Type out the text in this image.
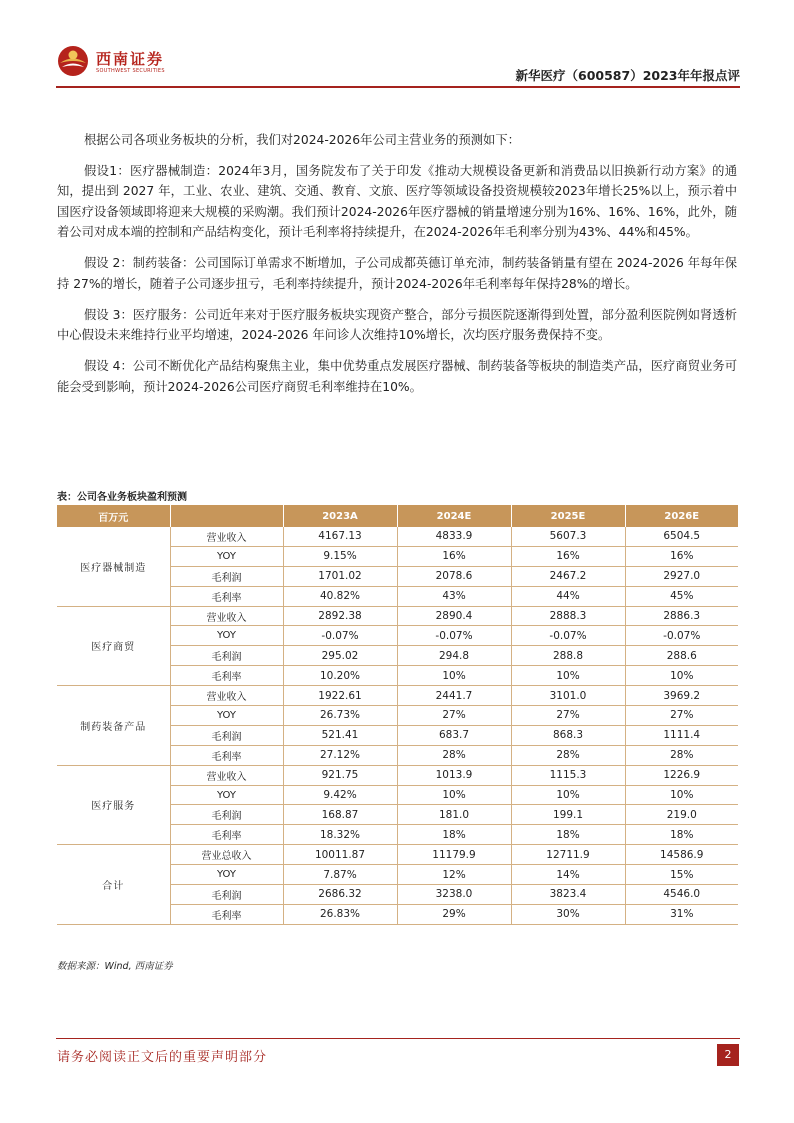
西南证券
SOUTHWEST SECURITIES	新华医疗（600587）2023年年报点评

根据公司各项业务板块的分析，我们对2024-2026年公司主营业务的预测如下：

假设1：医疗器械制造：2024年3月，国务院发布了关于印发《推动大规模设备更新和消费品以旧换新行动方案》的通知，提出到 2027 年，工业、农业、建筑、交通、教育、文旅、医疗等领域设备投资规模较2023年增长25%以上，预示着中国医疗设备领域即将迎来大规模的采购潮。我们预计2024-2026年医疗器械的销量增速分别为16%、16%、16%，此外，随着公司对成本端的控制和产品结构变化，预计毛利率将持续提升，在2024-2026年毛利率分别为43%、44%和45%。

假设 2：制药装备：公司国际订单需求不断增加，子公司成都英德订单充沛，制药装备销量有望在 2024-2026 年每年保持 27%的增长，随着子公司逐步扭亏，毛利率持续提升，预计2024-2026年毛利率每年保持28%的增长。

假设 3：医疗服务：公司近年来对于医疗服务板块实现资产整合，部分亏损医院逐渐得到处置，部分盈利医院例如肾透析中心假设未来维持行业平均增速，2024-2026 年问诊人次维持10%增长，次均医疗服务费保持不变。

假设 4：公司不断优化产品结构聚焦主业，集中优势重点发展医疗器械、制药装备等板块的制造类产品，医疗商贸业务可能会受到影响，预计2024-2026公司医疗商贸毛利率维持在10%。

表：公司各业务板块盈利预测
百万元		2023A	2024E	2025E	2026E
医疗器械制造	营业收入	4167.13	4833.9	5607.3	6504.5
	YOY	9.15%	16%	16%	16%
	毛利润	1701.02	2078.6	2467.2	2927.0
	毛利率	40.82%	43%	44%	45%
医疗商贸	营业收入	2892.38	2890.4	2888.3	2886.3
	YOY	-0.07%	-0.07%	-0.07%	-0.07%
	毛利润	295.02	294.8	288.8	288.6
	毛利率	10.20%	10%	10%	10%
制药装备产品	营业收入	1922.61	2441.7	3101.0	3969.2
	YOY	26.73%	27%	27%	27%
	毛利润	521.41	683.7	868.3	1111.4
	毛利率	27.12%	28%	28%	28%
医疗服务	营业收入	921.75	1013.9	1115.3	1226.9
	YOY	9.42%	10%	10%	10%
	毛利润	168.87	181.0	199.1	219.0
	毛利率	18.32%	18%	18%	18%
合计	营业总收入	10011.87	11179.9	12711.9	14586.9
	YOY	7.87%	12%	14%	15%
	毛利润	2686.32	3238.0	3823.4	4546.0
	毛利率	26.83%	29%	30%	31%
数据来源：Wind, 西南证券
请务必阅读正文后的重要声明部分	2
